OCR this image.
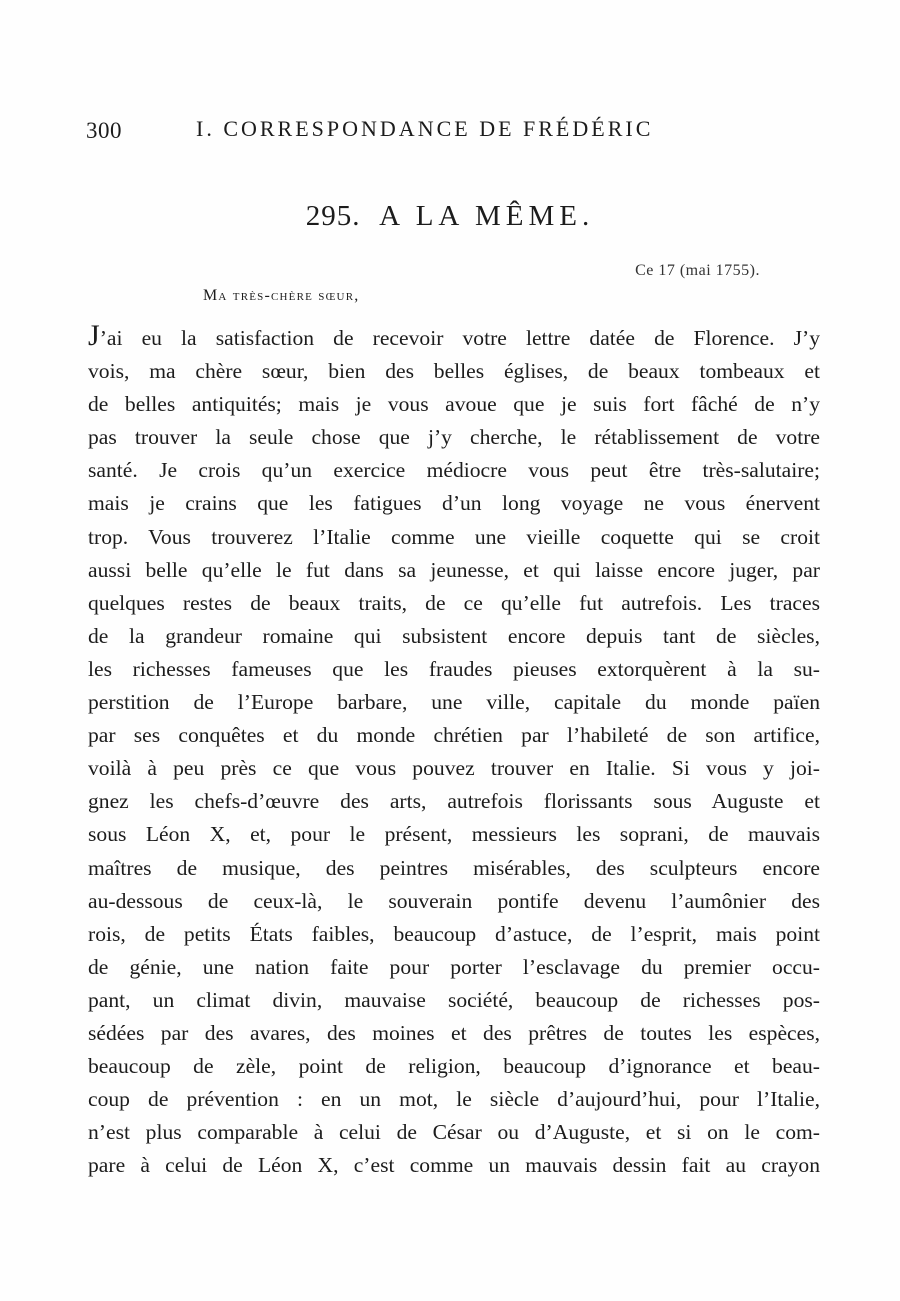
300	I. CORRESPONDANCE DE FRÉDÉRIC
295. A LA MÊME.
Ce 17 (mai 1755).
Ma très-chère sœur,
J’ai eu la satisfaction de recevoir votre lettre datée de Florence. J’y
vois, ma chère sœur, bien des belles églises, de beaux tombeaux et
de belles antiquités; mais je vous avoue que je suis fort fâché de n’y
pas trouver la seule chose que j’y cherche, le rétablissement de votre
santé. Je crois qu’un exercice médiocre vous peut être très-salutaire;
mais je crains que les fatigues d’un long voyage ne vous énervent
trop. Vous trouverez l’Italie comme une vieille coquette qui se croit
aussi belle qu’elle le fut dans sa jeunesse, et qui laisse encore juger, par
quelques restes de beaux traits, de ce qu’elle fut autrefois. Les traces
de la grandeur romaine qui subsistent encore depuis tant de siècles,
les richesses fameuses que les fraudes pieuses extorquèrent à la su-
perstition de l’Europe barbare, une ville, capitale du monde païen
par ses conquêtes et du monde chrétien par l’habileté de son artifice,
voilà à peu près ce que vous pouvez trouver en Italie. Si vous y joi-
gnez les chefs-d’œuvre des arts, autrefois florissants sous Auguste et
sous Léon X, et, pour le présent, messieurs les soprani, de mauvais
maîtres de musique, des peintres misérables, des sculpteurs encore
au-dessous de ceux-là, le souverain pontife devenu l’aumônier des
rois, de petits États faibles, beaucoup d’astuce, de l’esprit, mais point
de génie, une nation faite pour porter l’esclavage du premier occu-
pant, un climat divin, mauvaise société, beaucoup de richesses pos-
sédées par des avares, des moines et des prêtres de toutes les espèces,
beaucoup de zèle, point de religion, beaucoup d’ignorance et beau-
coup de prévention : en un mot, le siècle d’aujourd’hui, pour l’Italie,
n’est plus comparable à celui de César ou d’Auguste, et si on le com-
pare à celui de Léon X, c’est comme un mauvais dessin fait au crayon
